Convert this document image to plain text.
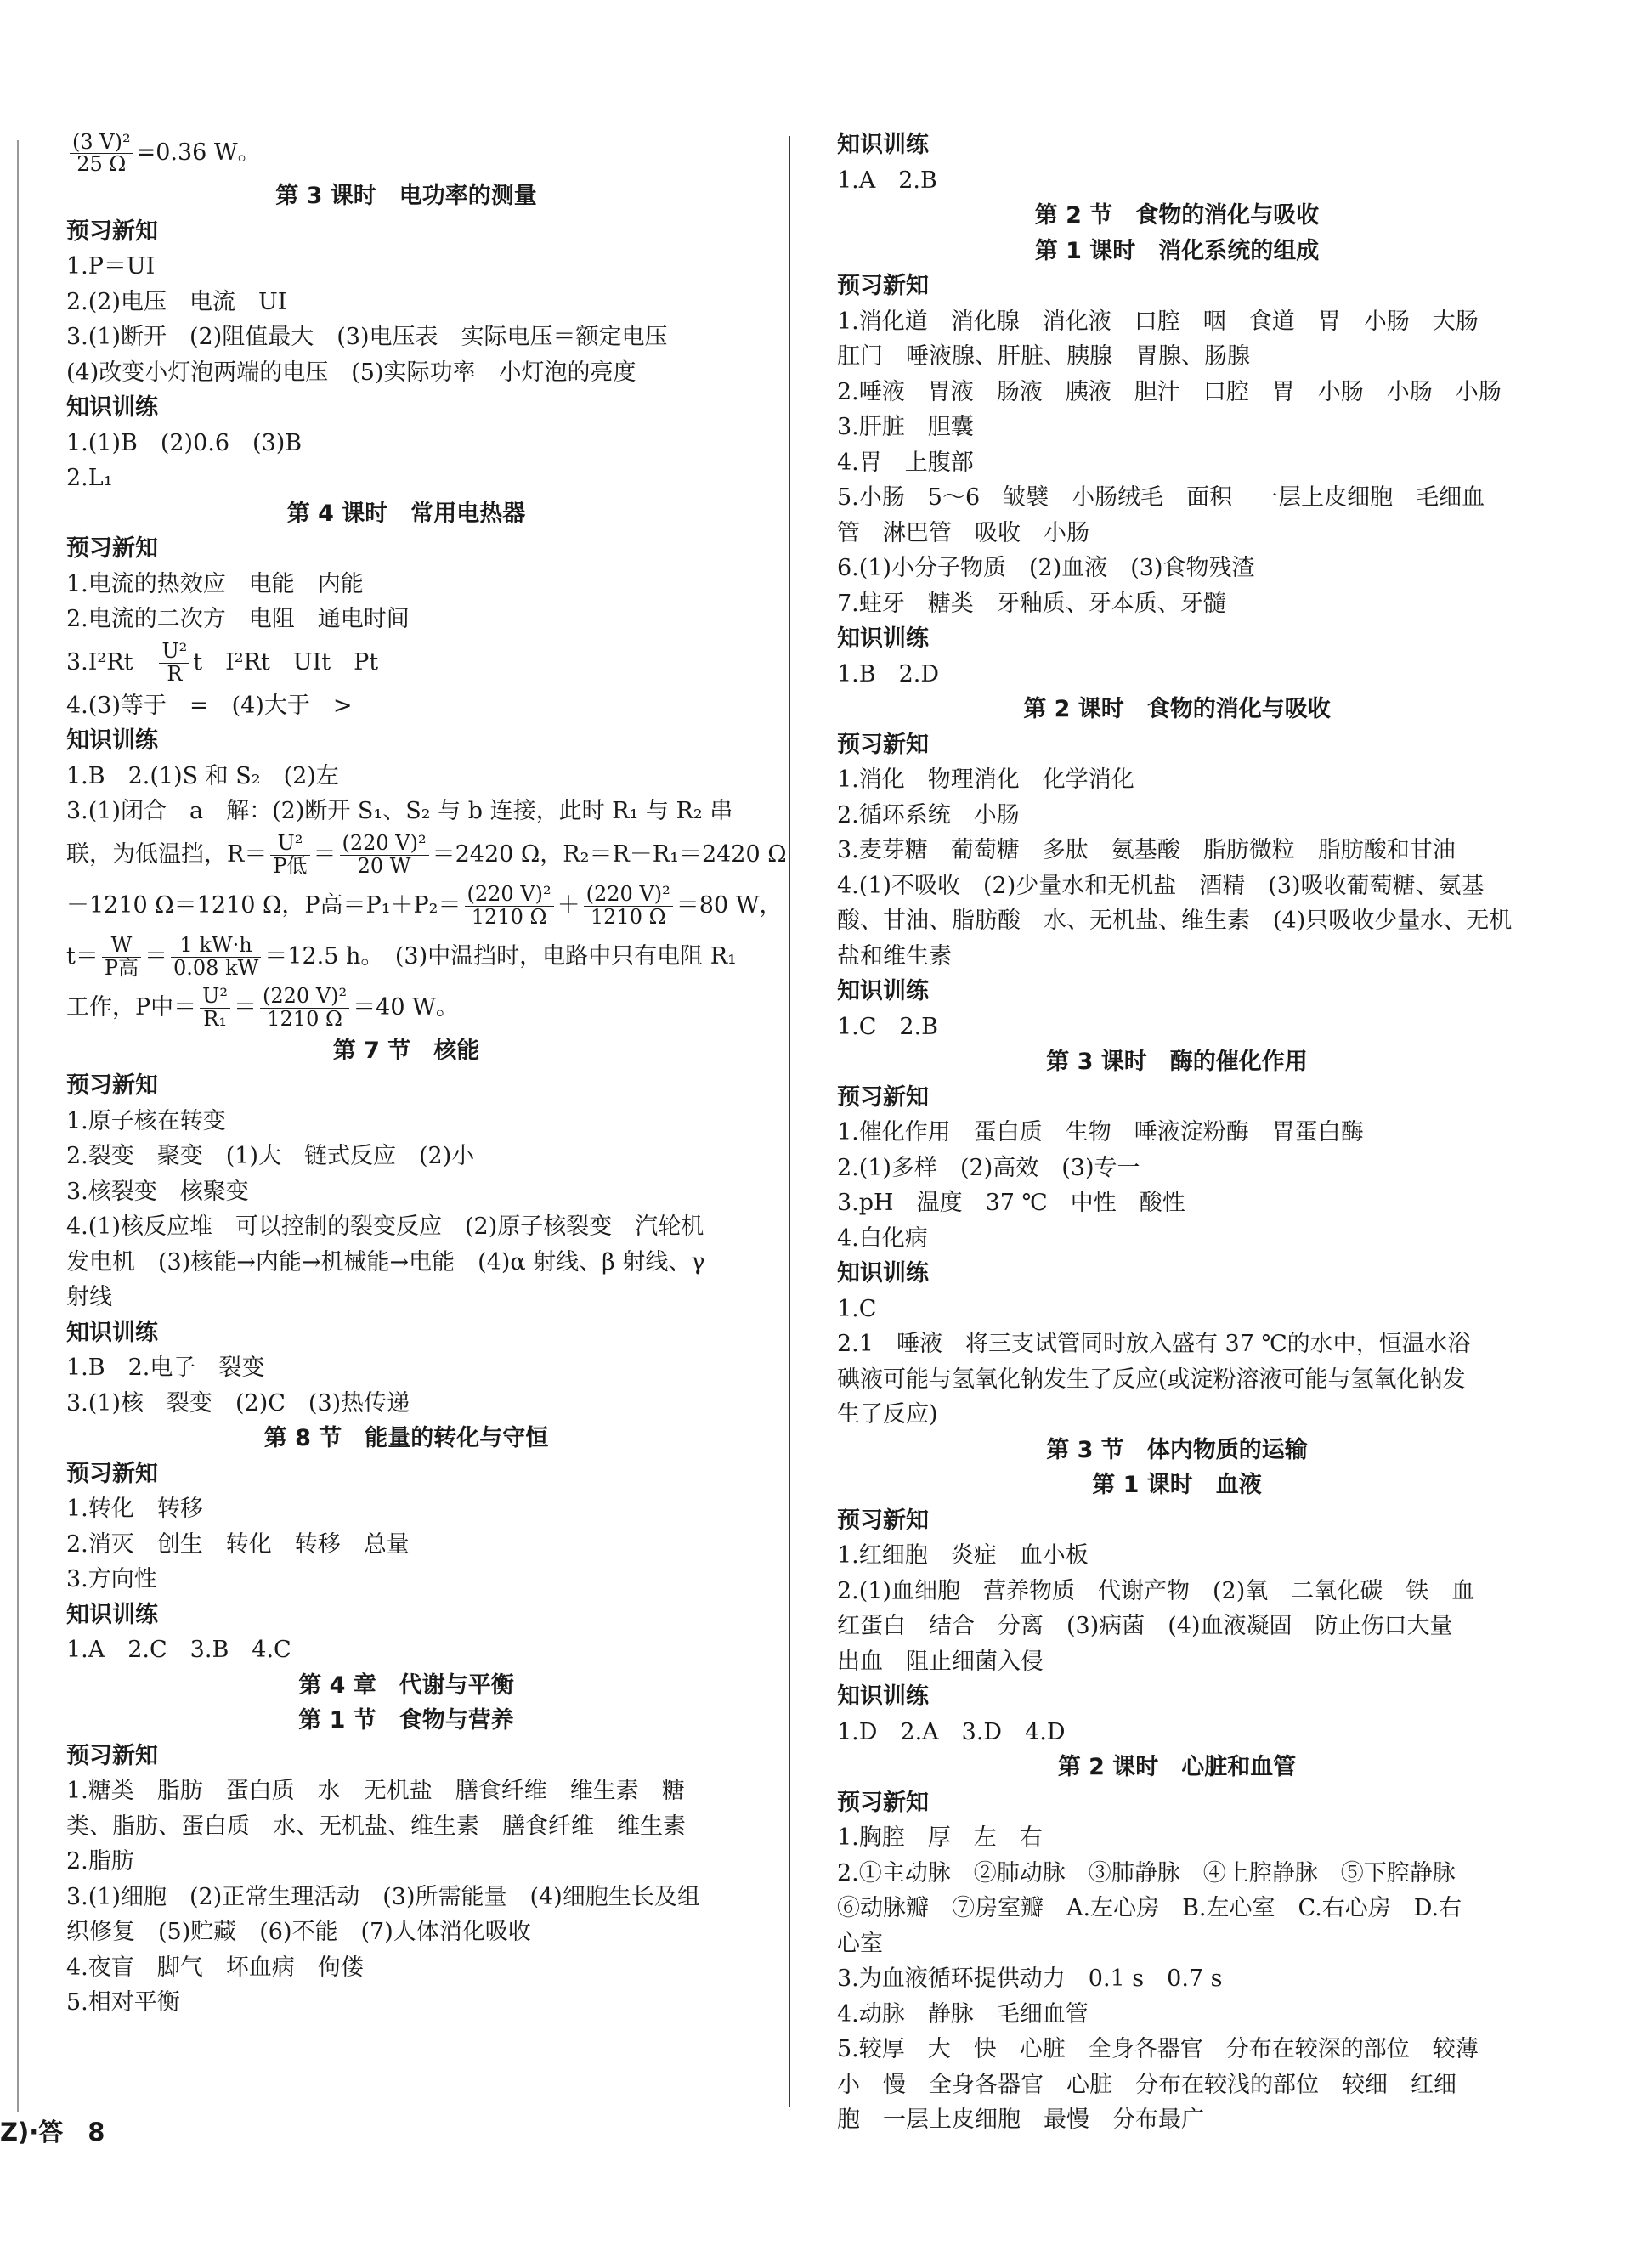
$\frac{\text{(3 V)²}}{25 \Omega} =0.36$ W。
第 3 课时　电功率的测量
预习新知
1.P＝UI
2.(2)电压　电流　UI
3.(1)断开　(2)阻值最大　(3)电压表　实际电压＝额定电压
(4)改变小灯泡两端的电压　(5)实际功率　小灯泡的亮度
知识训练
1.(1)B　(2)0.6　(3)B
2.L₁
第 4 课时　常用电热器
预习新知
1.电流的热效应　电能　内能
2.电流的二次方　电阻　通电时间
3.I²Rt　 $\frac{\text{U²}}{R}$ t　I²Rt　UIt　Pt
4.(3)等于　=　(4)大于　>
知识训练
1.B　2.(1)S 和 S₂　(2)左
3.(1)闭合　a　解：(2)断开 S₁、S₂ 与 b 连接，此时 R₁ 与 R₂ 串
联，为低温挡，$R= \frac{\text{U²}}{\text{P低}} = \frac{\text{(220 V)²}}{20 W} =2420$ Ω，R₂＝R－R₁＝2420 Ω
－1210 Ω＝1210 Ω，P高$=P_1+P_2= \frac{\text{(220 V)²}}{1210 \Omega} + \frac{\text{(220 V)²}}{1210 \Omega} =80$ W，
$t= \frac{W}{\text{P高}} = \frac{1 kW\cdot h}{0.08 kW} =12.5$ h。　(3)中温挡时，电路中只有电阻 R₁
工作，P中＝ $\frac{\text{U²}}{\text{R₁}} = \frac{\text{(220 V)²}}{1210 \Omega} =40$ W。
第 7 节　核能
预习新知
1.原子核在转变
2.裂变　聚变　(1)大　链式反应　(2)小
3.核裂变　核聚变
4.(1)核反应堆　可以控制的裂变反应　(2)原子核裂变　汽轮机
发电机　(3)核能→内能→机械能→电能　(4)α 射线、β 射线、γ
射线
知识训练
1.B　2.电子　裂变
3.(1)核　裂变　(2)C　(3)热传递
第 8 节　能量的转化与守恒
预习新知
1.转化　转移
2.消灭　创生　转化　转移　总量
3.方向性
知识训练
1.A　2.C　3.B　4.C
第 4 章　代谢与平衡
第 1 节　食物与营养
预习新知
1.糖类　脂肪　蛋白质　水　无机盐　膳食纤维　维生素　糖
类、脂肪、蛋白质　水、无机盐、维生素　膳食纤维　维生素
2.脂肪
3.(1)细胞　(2)正常生理活动　(3)所需能量　(4)细胞生长及组
织修复　(5)贮藏　(6)不能　(7)人体消化吸收
4.夜盲　脚气　坏血病　佝偻
5.相对平衡
知识训练
1.A　2.B
第 2 节　食物的消化与吸收
第 1 课时　消化系统的组成
预习新知
1.消化道　消化腺　消化液　口腔　咽　食道　胃　小肠　大肠
肛门　唾液腺、肝脏、胰腺　胃腺、肠腺
2.唾液　胃液　肠液　胰液　胆汁　口腔　胃　小肠　小肠　小肠
3.肝脏　胆囊
4.胃　上腹部
5.小肠　5～6　皱襞　小肠绒毛　面积　一层上皮细胞　毛细血
管　淋巴管　吸收　小肠
6.(1)小分子物质　(2)血液　(3)食物残渣
7.蛀牙　糖类　牙釉质、牙本质、牙髓
知识训练
1.B　2.D
第 2 课时　食物的消化与吸收
预习新知
1.消化　物理消化　化学消化
2.循环系统　小肠
3.麦芽糖　葡萄糖　多肽　氨基酸　脂肪微粒　脂肪酸和甘油
4.(1)不吸收　(2)少量水和无机盐　酒精　(3)吸收葡萄糖、氨基
酸、甘油、脂肪酸　水、无机盐、维生素　(4)只吸收少量水、无机
盐和维生素
知识训练
1.C　2.B
第 3 课时　酶的催化作用
预习新知
1.催化作用　蛋白质　生物　唾液淀粉酶　胃蛋白酶
2.(1)多样　(2)高效　(3)专一
3.pH　温度　37 ℃　中性　酸性
4.白化病
知识训练
1.C
2.1　唾液　将三支试管同时放入盛有 37 ℃的水中，恒温水浴
碘液可能与氢氧化钠发生了反应(或淀粉溶液可能与氢氧化钠发
生了反应)
第 3 节　体内物质的运输
第 1 课时　血液
预习新知
1.红细胞　炎症　血小板
2.(1)血细胞　营养物质　代谢产物　(2)氧　二氧化碳　铁　血
红蛋白　结合　分离　(3)病菌　(4)血液凝固　防止伤口大量
出血　阻止细菌入侵
知识训练
1.D　2.A　3.D　4.D
第 2 课时　心脏和血管
预习新知
1.胸腔　厚　左　右
2.①主动脉　②肺动脉　③肺静脉　④上腔静脉　⑤下腔静脉
⑥动脉瓣　⑦房室瓣　A.左心房　B.左心室　C.右心房　D.右
心室
3.为血液循环提供动力　0.1 s　0.7 s
4.动脉　静脉　毛细血管
5.较厚　大　快　心脏　全身各器官　分布在较深的部位　较薄
小　慢　全身各器官　心脏　分布在较浅的部位　较细　红细
胞　一层上皮细胞　最慢　分布最广
Z)·答　8
